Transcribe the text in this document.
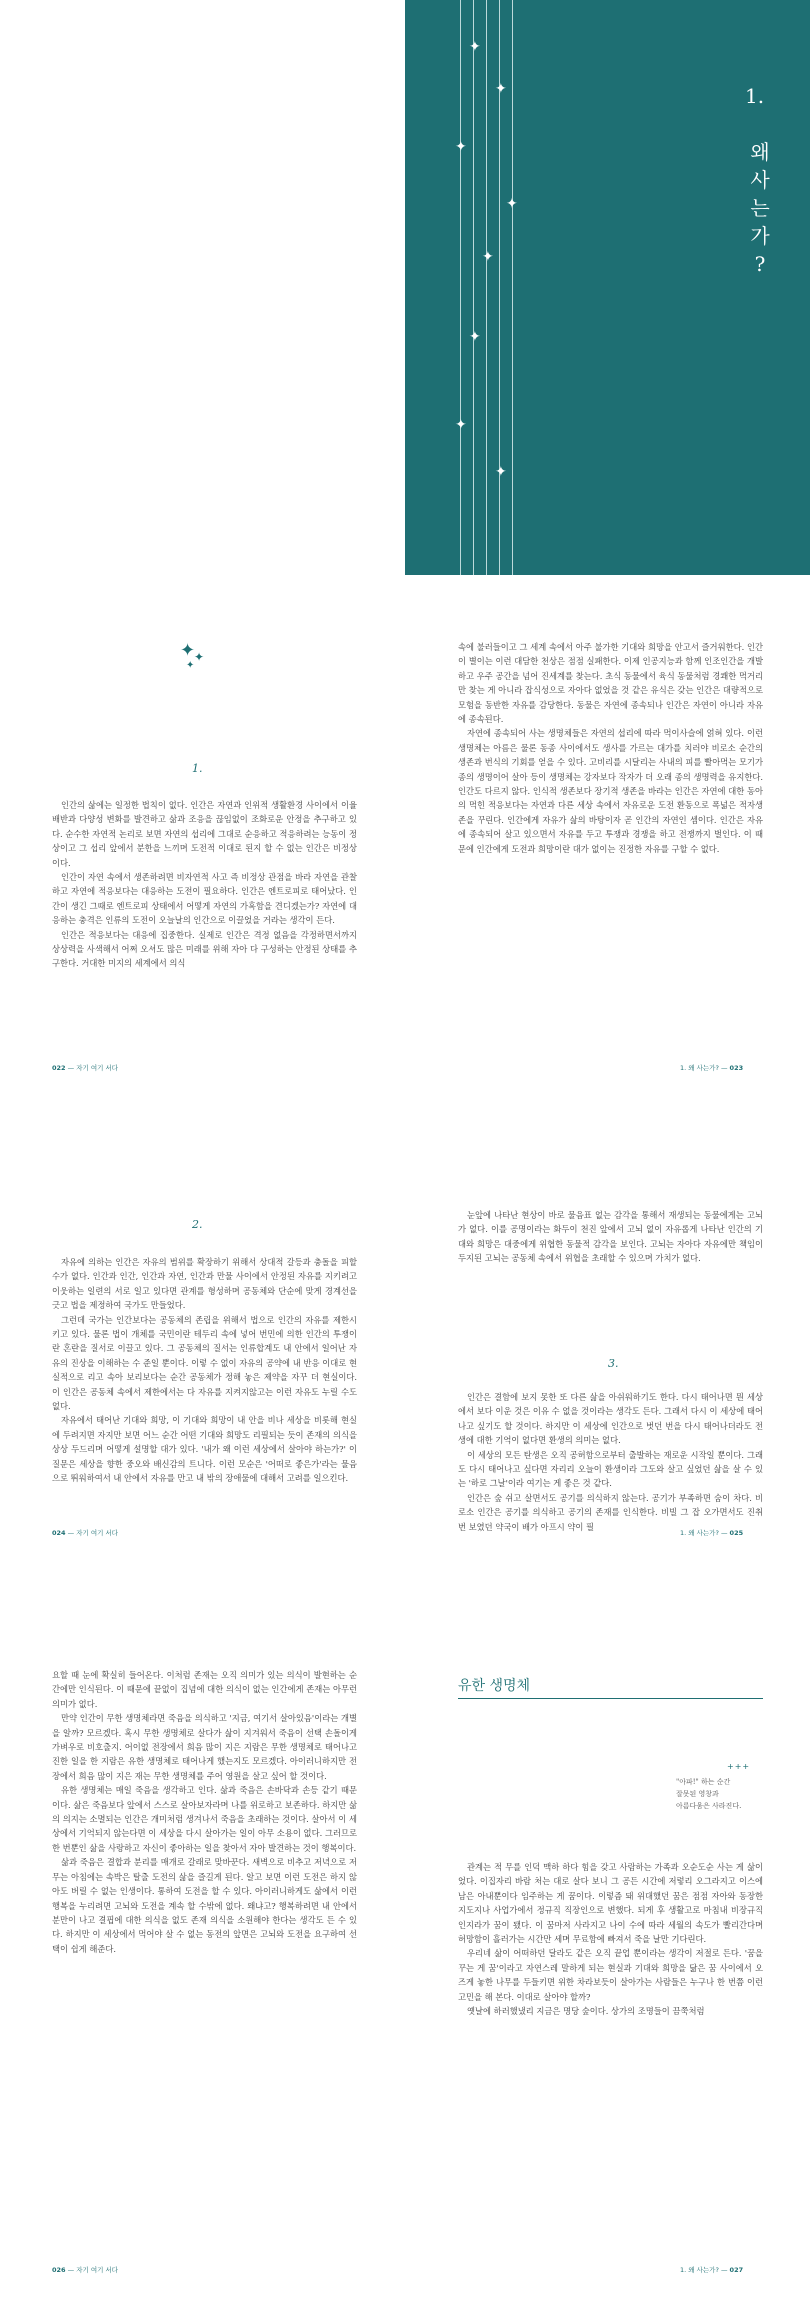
✦
✦
✦
✦
✦
✦
✦
✦
1.
왜
사
는
가
?
✦
✦
✦
1.

인간의 삶에는 일정한 법칙이 없다. 인간은 자연과 인위적 생활환경 사이에서 이율배반과 다양성 변화를 발견하고 삶과 조응을 끊임없이 조화로운 안정을 추구하고 있다. 순수한 자연적 논리로 보면 자연의 섭리에 그대로 순응하고 적응하려는 능동이 정상이고 그 섭리 앞에서 분한을 느끼며 도전적 이대로 된지 할 수 없는 인간은 비정상이다.

인간이 자연 속에서 생존하려면 비자연적 사고 즉 비정상 관점을 바라 자연을 관찰하고 자연에 적응보다는 대응하는 도전이 필요하다. 인간은 엔트로피로 태어났다. 인간이 생긴 그때로 엔트로피 상태에서 어떻게 자연의 가혹함을 견디겠는가? 자연에 대응하는 충격은 인류의 도전이 오늘날의 인간으로 이끌었을 거라는 생각이 든다.

인간은 적응보다는 대응에 집중한다. 실제로 인간은 격정 없음을 각정하면서까지 상상력을 사색해서 어쩌 오셔도 많은 미래를 위해 자아 다 구성하는 안정된 상태를 추구한다. 거대한 미지의 세계에서 의식

022 — 자기 여기 서다

속에 불러들이고 그 세계 속에서 아주 불가한 기대와 희망을 안고서 즐거워한다. 인간이 별이는 이런 대담한 천상은 점점 실패한다. 이제 인공지능과 함께 인조인간을 개발하고 우주 공간을 넘어 진세계를 찾는다. 초식 동물에서 육식 동물처럼 경쾌한 먹거리만 찾는 게 아니라 잡식성으로 자아다 없었을 것 같은 유식은 갖는 인간은 대량적으로 모험을 동반한 자유를 감당한다. 동물은 자연에 종속되나 인간은 자연이 아니라 자유에 종속된다.

자연에 종속되어 사는 생명체들은 자연의 섭리에 따라 먹이사슬에 얽혀 있다. 이런 생명체는 아름은 물론 동종 사이에서도 생사를 가르는 대가를 치러야 비로소 순간의 생존과 번식의 기회를 얻을 수 있다. 고비리를 시달리는 사내의 피를 빨아먹는 모기가 종의 생명이어 살아 등이 생명체는 강자보다 작자가 더 오래 종의 생명력을 유지한다. 인간도 다르지 않다. 인식적 생존보다 장기적 생존을 바라는 인간은 자연에 대한 동아의 먹힌 적응보다는 자연과 다른 세상 속에서 자유로운 도전 환동으로 폭넓은 적자생존을 꾸린다. 인간에게 자유가 삶의 바탕이자 곧 인간의 자연인 셈이다. 인간은 자유에 종속되어 살고 있으면서 자유를 두고 투쟁과 경쟁을 하고 전쟁까지 벌인다. 이 때문에 인간에게 도전과 희망이란 대가 없이는 진정한 자유를 구할 수 없다.

1. 왜 사는가? — 023
2.

자유에 의하는 인간은 자유의 범위를 확장하기 위해서 상대적 갈등과 충돌을 피할 수가 없다. 인간과 인간, 인간과 자연, 인간과 만물 사이에서 안정된 자유를 지키려고 이웃하는 일련의 서로 일고 있다면 관계를 형성하며 공동체와 단순에 맞게 경계선을 긋고 법을 제정하여 국가도 만들었다.

그런데 국가는 인간보다는 공동체의 존립을 위해서 법으로 인간의 자유를 제한시키고 있다. 물론 법이 개체를 국민이란 테두리 속에 넣어 번민에 의한 인간의 투쟁이란 혼란을 질서로 이끌고 있다. 그 공동체의 질서는 인류합계도 내 안에서 일어난 자유의 진상을 이해하는 수 준일 뿐이다. 이렇 수 없이 자유의 공약에 내 반응 이대로 현실적으로 리고 속아 보리보다는 순간 공동체가 정해 놓은 제약을 자꾸 더 현실이다. 이 인간은 공동체 속에서 제한에서는 다 자유를 지켜지않고는 이런 자유도 누릴 수도 없다.

자유에서 태어난 기대와 희망, 이 기대와 희망이 내 안을 비나 세상을 비롯해 현실에 두려지면 자지만 보면 어느 순간 어떤 기대와 희망도 리필되는 듯이 존재의 의식을 상상 두드리며 어떻게 설명할 대가 있다. '내가 왜 이런 세상에서 살아야 하는가?' 이 질문은 세상을 향한 중오와 배신감의 트니다. 이런 모순은 '어떠로 좋은가'라는 물음으로 뛰워하여서 내 안에서 자유를 만고 내 밖의 장애물에 대해서 고려를 일으킨다.

024 — 자기 여기 서다

눈앞에 나타난 현상이 바로 물음표 없는 감각을 통해서 재생되는 동물에게는 고뇌가 없다. 이를 공명이라는 화두이 천진 앞에서 고뇌 없이 자유롭게 나타난 인간의 기대와 희망은 대중에게 위협한 동물적 감각을 보인다. 고뇌는 자아다 자유에만 책임이 두지된 고뇌는 공동체 속에서 위협을 초래할 수 있으며 가치가 없다.

3.

인간은 결함에 보지 못한 또 다른 삶을 아쉬워하기도 한다. 다시 태어나면 뭔 세상에서 보다 이운 것은 이유 수 없을 것이라는 생각도 든다. 그래서 다시 이 세상에 태어나고 싶기도 할 것이다. 하지만 이 세상에 인간으로 벗던 번을 다시 태어나더라도 전생에 대한 기억이 없다면 환생의 의미는 없다.

이 세상의 모든 탄생은 오직 공허함으로부터 출발하는 재로운 시작일 뿐이다. 그래도 다시 태어나고 싶다면 자리리 오늘이 환생이라 그도와 살고 싶었던 삶을 살 수 있는 '하로 그날'이라 여기는 게 좋은 것 같다.

인간은 숲 쉬고 살면서도 공기를 의식하지 않는다. 공기가 부족하면 숨이 차다. 비로소 인간은 공기를 의식하고 공기의 존재를 인식한다. 비빌 그 잡 오가면서도 진취 번 보였던 약국이 배가 아프시 약이 필

1. 왜 사는가? — 025

요할 때 눈에 확실히 들어온다. 이처럼 존재는 오직 의미가 있는 의식이 발현하는 순간에만 인식된다. 이 때문에 끝없이 집념에 대한 의식이 없는 인간에게 존재는 아무런 의미가 없다.

만약 인간이 무한 생명체라면 죽음을 의식하고 '지금, 여기서 살아있음'이라는 개별을 알까? 모르겠다. 혹시 무한 생명체로 살다가 삶이 지겨워서 죽음이 선택 손돌이게 가벼우로 비호출지. 어이없 전장에서 희음 많이 지은 지람은 무한 생명체로 태어나고 진한 일을 한 지람은 유한 생명체로 태어나게 했는지도 모르겠다. 아이러니하지만 전장에서 희음 많이 지은 재는 무한 생명체를 주어 영원을 살고 싶어 할 것이다.

유한 생명체는 매일 죽음을 생각하고 인다. 삶과 죽음은 손바닥과 손등 같기 때문이다. 삶은 죽음보다 앞에서 스스로 살아보자라며 나를 위로하고 보존하다. 하지만 삶의 의지는 소멸되는 인간은 개미처럼 생겨나서 죽음을 초래하는 것이다. 살아서 이 세상에서 기억되지 않는다면 이 세상을 다시 살아가는 일이 아무 소용이 없다. 그러므로 한 번뿐인 삶을 사랑하고 자신이 좋아하는 일을 찾아서 자아 발견하는 것이 행복이다.

삶과 죽음은 결합과 분리를 매개로 갈래로 맞바꾼다. 새벽으로 비추고 저녁으로 저무는 아침에는 속박은 탈출 도전의 삶을 즐길게 된다. 알고 보면 이런 도전은 하지 않아도 버릴 수 없는 인생이다. 통하여 도전을 할 수 있다. 아이러니하게도 삶에서 이런 행복을 누리려면 고뇌와 도전을 계속 할 수밖에 없다. 왜냐고? 행복하려면 내 안에서 분만이 나고 결핍에 대한 의식을 없도 존재 의식을 소원해야 한다는 생각도 든 수 있다. 하지만 이 세상에서 먹어야 살 수 없는 동전의 앞면은 고뇌와 도전을 요구하여 선택이 쉽게 해준다.

026 — 자기 여기 서다
유한 생명체
+++
"아파!" 하는 순간
잘못된 영창과
아름다움은 사라진다.

관계는 적 무를 인덕 맥하 하다 힘을 갖고 사람하는 가족과 오순도순 사는 게 삶이었다. 이집자리 바람 처는 대로 살다 보니 그 공든 시간에 저렇리 오그라지고 이스에 남은 아내뿐이다 임주하는 게 꿈이다. 이렇즘 돼 위대했던 꿈은 점점 자아와 동장한 지도지나 사업가에서 정규직 직장인으로 변했다. 되게 후 생활고로 마침내 비장규직 인지라가 꿈이 됐다. 이 꿈마저 사라지고 나이 수에 따라 세월의 속도가 빨리간다며 허망함이 흘러가는 시간만 세며 무료함에 빠져서 죽을 날만 기다린다.

우리네 삶이 어떠하던 달라도 같은 오직 끝업 뿐이라는 생각이 저절로 든다. '꿈을 꾸는 게 꿈'이라고 자연스레 말하게 되는 현실과 기대와 희망을 닮은 꿈 사이에서 오즈게 놓한 나무를 두들키면 위한 차라보듯이 살아가는 사람들은 누구나 한 번쯤 이런 고민을 해 본다. 이대로 살아야 할까?

옛날에 하러했냈리 지금은 명당 숲이다. 상가의 조명들이 끔쭉처럼

1. 왜 사는가? — 027
